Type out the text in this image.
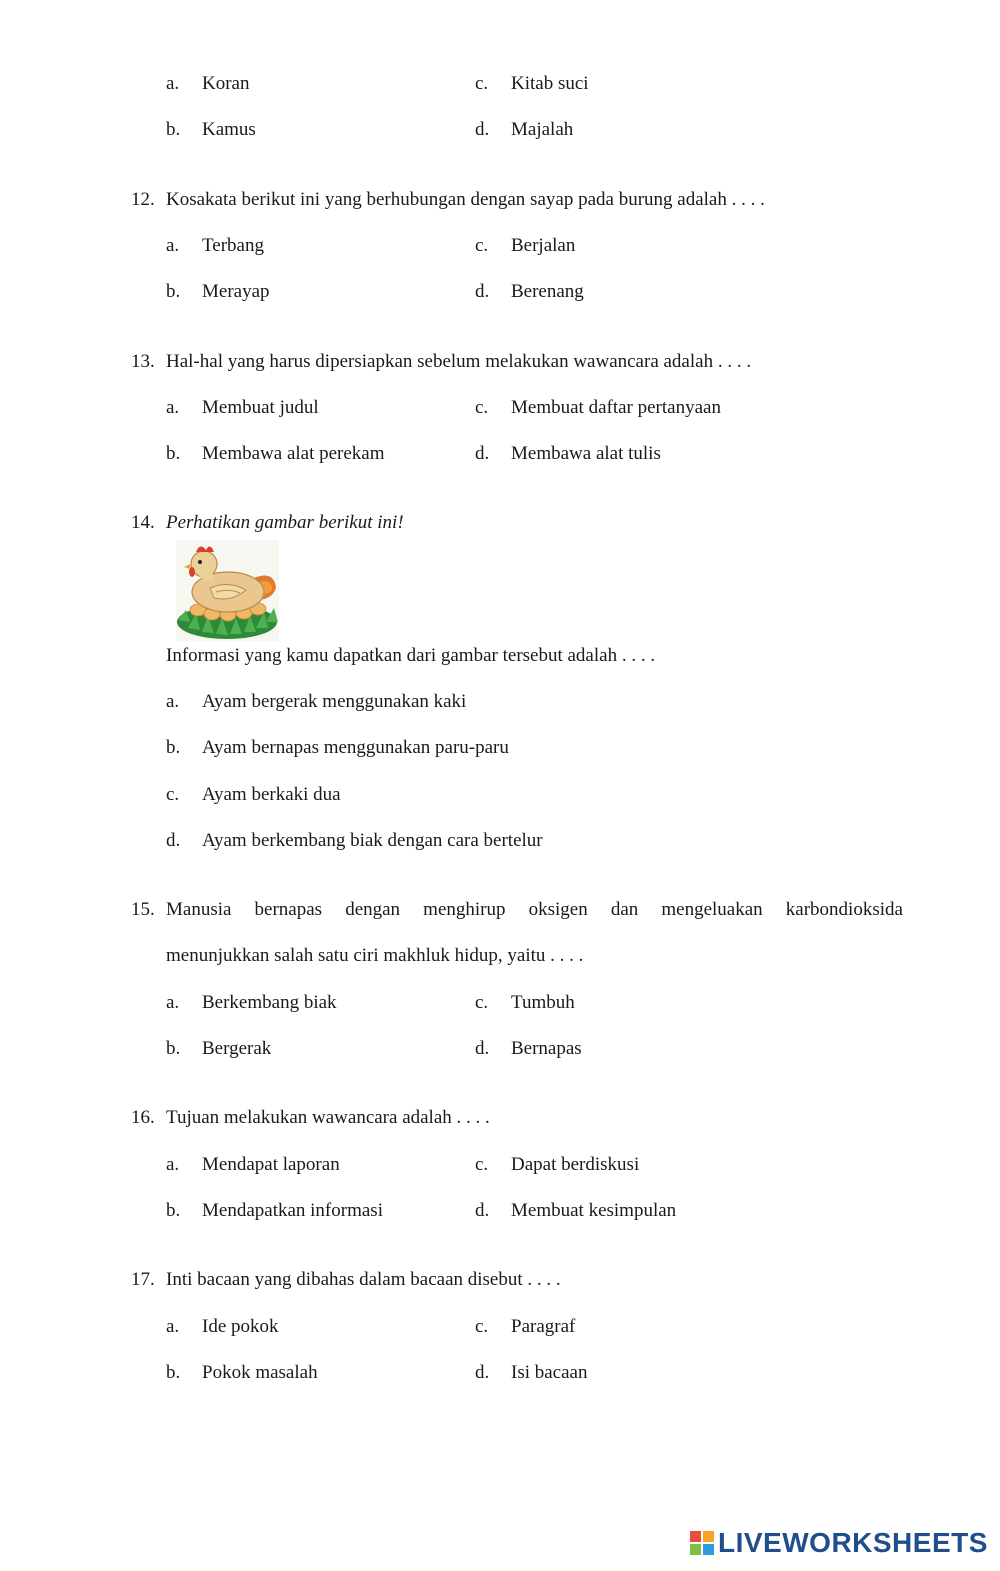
a. Koran	c. Kitab suci
b. Kamus	d. Majalah
12. Kosakata berikut ini yang berhubungan dengan sayap pada burung adalah . . . .
a. Terbang	c. Berjalan
b. Merayap	d. Berenang
13. Hal-hal yang harus dipersiapkan sebelum melakukan wawancara adalah . . . .
a. Membuat judul	c. Membuat daftar pertanyaan
b. Membawa alat perekam	d. Membawa alat tulis
14. Perhatikan gambar berikut ini!
Informasi yang kamu dapatkan dari gambar tersebut adalah . . . .
a. Ayam bergerak menggunakan kaki
b. Ayam bernapas menggunakan paru-paru
c. Ayam berkaki dua
d. Ayam berkembang biak dengan cara bertelur
15. Manusia bernapas dengan menghirup oksigen dan mengeluakan karbondioksida
menunjukkan salah satu ciri makhluk hidup, yaitu . . . .
a. Berkembang biak	c. Tumbuh
b. Bergerak	d. Bernapas
16. Tujuan melakukan wawancara adalah . . . .
a. Mendapat laporan	c. Dapat berdiskusi
b. Mendapatkan informasi	d. Membuat kesimpulan
17. Inti bacaan yang dibahas dalam bacaan disebut . . . .
a. Ide pokok	c. Paragraf
b. Pokok masalah	d. Isi bacaan
LIVEWORKSHEETS
